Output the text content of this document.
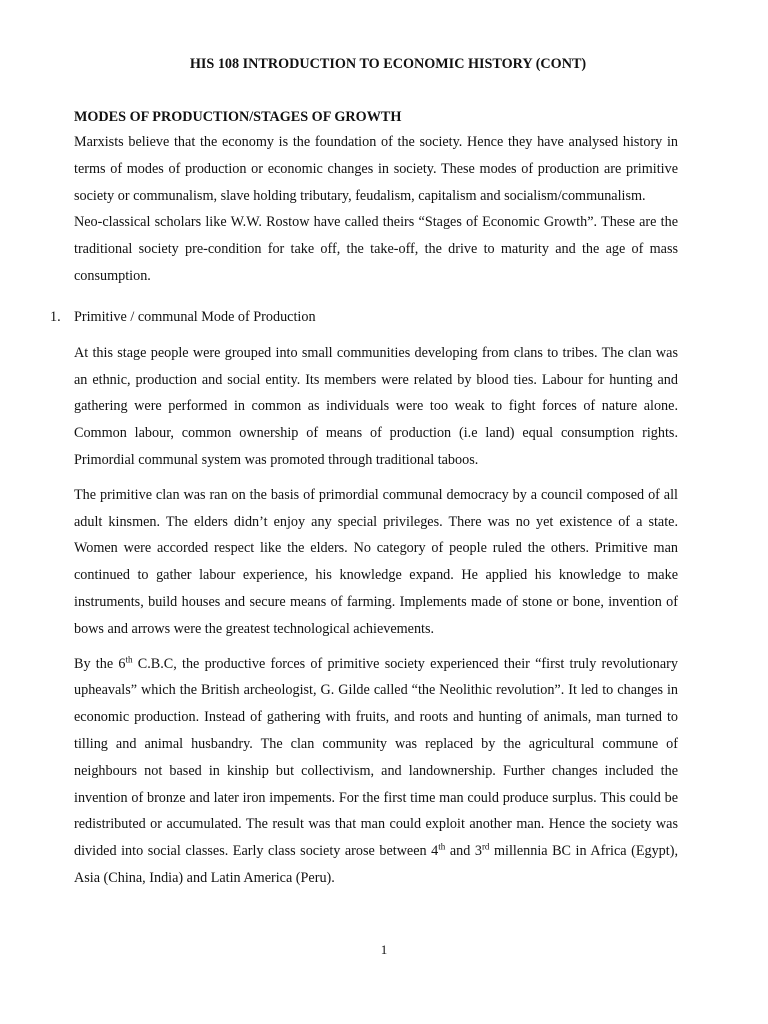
HIS 108 INTRODUCTION TO ECONOMIC HISTORY (CONT)
MODES OF PRODUCTION/STAGES OF GROWTH

Marxists believe that the economy is the foundation of the society. Hence they have analysed history in terms of modes of production or economic changes in society. These modes of production are primitive society or communalism, slave holding tributary, feudalism, capitalism and socialism/communalism.

Neo-classical scholars like W.W. Rostow have called theirs “Stages of Economic Growth”. These are the traditional society pre-condition for take off, the take-off, the drive to maturity and the age of mass consumption.

1. Primitive / communal Mode of Production

At this stage people were grouped into small communities developing from clans to tribes. The clan was an ethnic, production and social entity. Its members were related by blood ties. Labour for hunting and gathering were performed in common as individuals were too weak to fight forces of nature alone. Common labour, common ownership of means of production (i.e land) equal consumption rights. Primordial communal system was promoted through traditional taboos.

The primitive clan was ran on the basis of primordial communal democracy by a council composed of all adult kinsmen. The elders didn’t enjoy any special privileges. There was no yet existence of a state. Women were accorded respect like the elders. No category of people ruled the others. Primitive man continued to gather labour experience, his knowledge expand. He applied his knowledge to make instruments, build houses and secure means of farming. Implements made of stone or bone, invention of bows and arrows were the greatest technological achievements.

By the 6th C.B.C, the productive forces of primitive society experienced their “first truly revolutionary upheavals” which the British archeologist, G. Gilde called “the Neolithic revolution”. It led to changes in economic production. Instead of gathering with fruits, and roots and hunting of animals, man turned to tilling and animal husbandry. The clan community was replaced by the agricultural commune of neighbours not based in kinship but collectivism, and landownership. Further changes included the invention of bronze and later iron impements. For the first time man could produce surplus. This could be redistributed or accumulated. The result was that man could exploit another man. Hence the society was divided into social classes. Early class society arose between 4th and 3rd millennia BC in Africa (Egypt), Asia (China, India) and Latin America (Peru).

1
